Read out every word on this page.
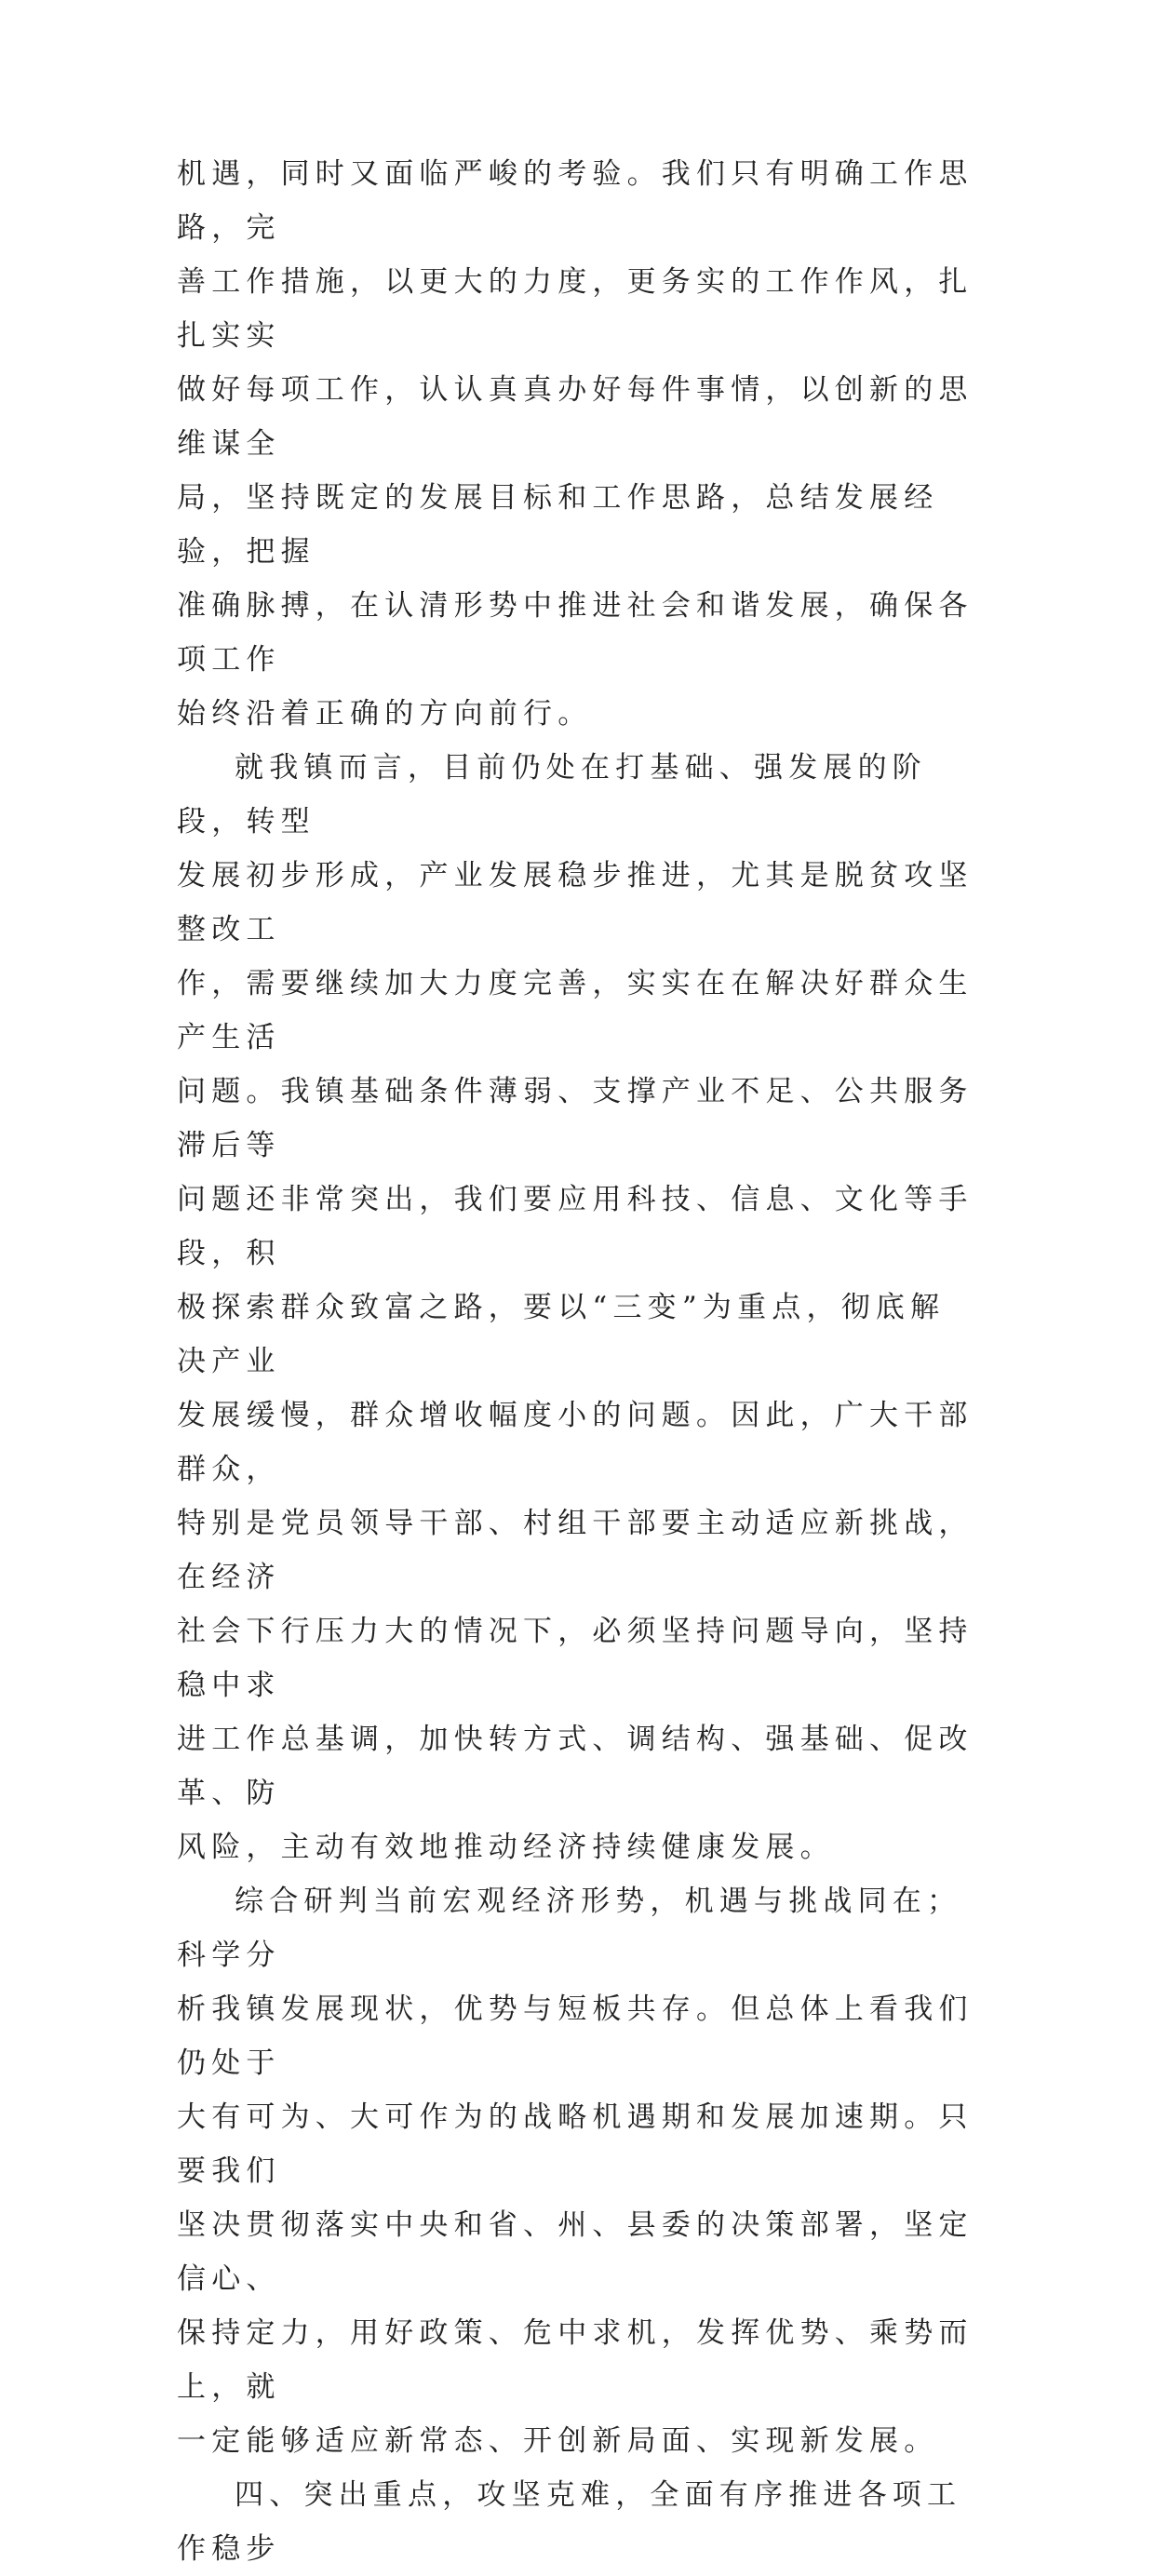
机遇，同时又面临严峻的考验。我们只有明确工作思路，完
善工作措施，以更大的力度，更务实的工作作风，扎扎实实
做好每项工作，认认真真办好每件事情，以创新的思维谋全
局，坚持既定的发展目标和工作思路，总结发展经验，把握
准确脉搏，在认清形势中推进社会和谐发展，确保各项工作
始终沿着正确的方向前行。

就我镇而言，目前仍处在打基础、强发展的阶段，转型
发展初步形成，产业发展稳步推进，尤其是脱贫攻坚整改工
作，需要继续加大力度完善，实实在在解决好群众生产生活
问题。我镇基础条件薄弱、支撑产业不足、公共服务滞后等
问题还非常突出，我们要应用科技、信息、文化等手段，积
极探索群众致富之路，要以“三变”为重点，彻底解决产业
发展缓慢，群众增收幅度小的问题。因此，广大干部群众，
特别是党员领导干部、村组干部要主动适应新挑战，在经济
社会下行压力大的情况下，必须坚持问题导向，坚持稳中求
进工作总基调，加快转方式、调结构、强基础、促改革、防
风险，主动有效地推动经济持续健康发展。

综合研判当前宏观经济形势，机遇与挑战同在；科学分
析我镇发展现状，优势与短板共存。但总体上看我们仍处于
大有可为、大可作为的战略机遇期和发展加速期。只要我们
坚决贯彻落实中央和省、州、县委的决策部署，坚定信心、
保持定力，用好政策、危中求机，发挥优势、乘势而上，就
一定能够适应新常态、开创新局面、实现新发展。

四、突出重点，攻坚克难，全面有序推进各项工作稳步
